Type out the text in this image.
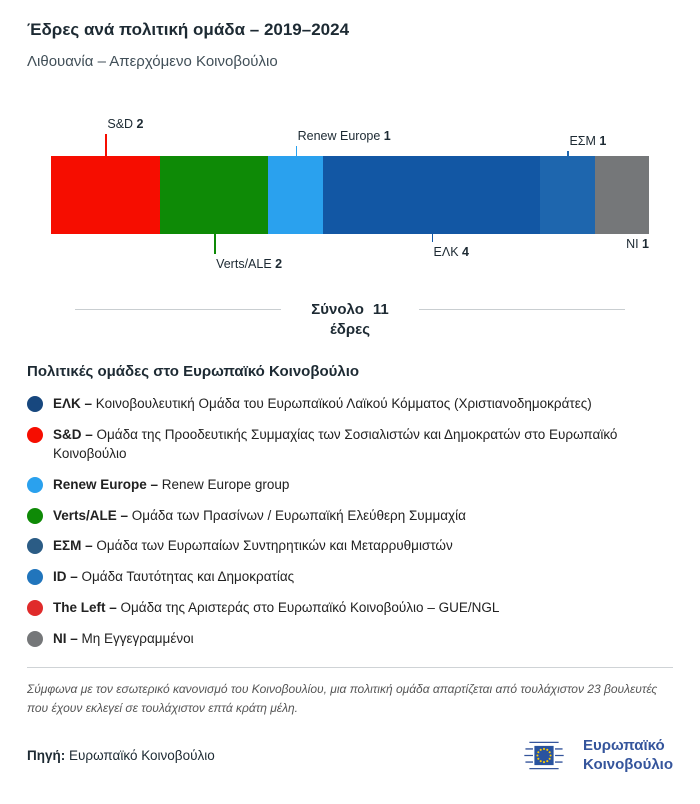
Έδρες ανά πολιτική ομάδα – 2019–2024
Λιθουανία – Απερχόμενο Κοινοβούλιο
S&D 2
Verts/ALE 2
Renew Europe 1
ΕΛΚ 4
ΕΣΜ 1
NI 1
Σύνολο 11
έδρες
Πολιτικές ομάδες στο Ευρωπαϊκό Κοινοβούλιο
ΕΛΚ – Κοινοβουλευτική Ομάδα του Ευρωπαϊκού Λαϊκού Κόμματος (Χριστιανοδημοκράτες)
S&D – Ομάδα της Προοδευτικής Συμμαχίας των Σοσιαλιστών και Δημοκρατών στο Ευρωπαϊκό Κοινοβούλιο
Renew Europe – Renew Europe group
Verts/ALE – Ομάδα των Πρασίνων / Ευρωπαϊκή Ελεύθερη Συμμαχία
ΕΣΜ – Ομάδα των Ευρωπαίων Συντηρητικών και Μεταρρυθμιστών
ID – Ομάδα Ταυτότητας και Δημοκρατίας
The Left – Ομάδα της Αριστεράς στο Ευρωπαϊκό Κοινοβούλιο – GUE/NGL
NI – Μη Εγγεγραμμένοι
Σύμφωνα με τον εσωτερικό κανονισμό του Κοινοβουλίου, μια πολιτική ομάδα απαρτίζεται από τουλάχιστον 23 βουλευτές που έχουν εκλεγεί σε τουλάχιστον επτά κράτη μέλη.
Πηγή: Ευρωπαϊκό Κοινοβούλιο
Ευρωπαϊκό
Κοινοβούλιο
